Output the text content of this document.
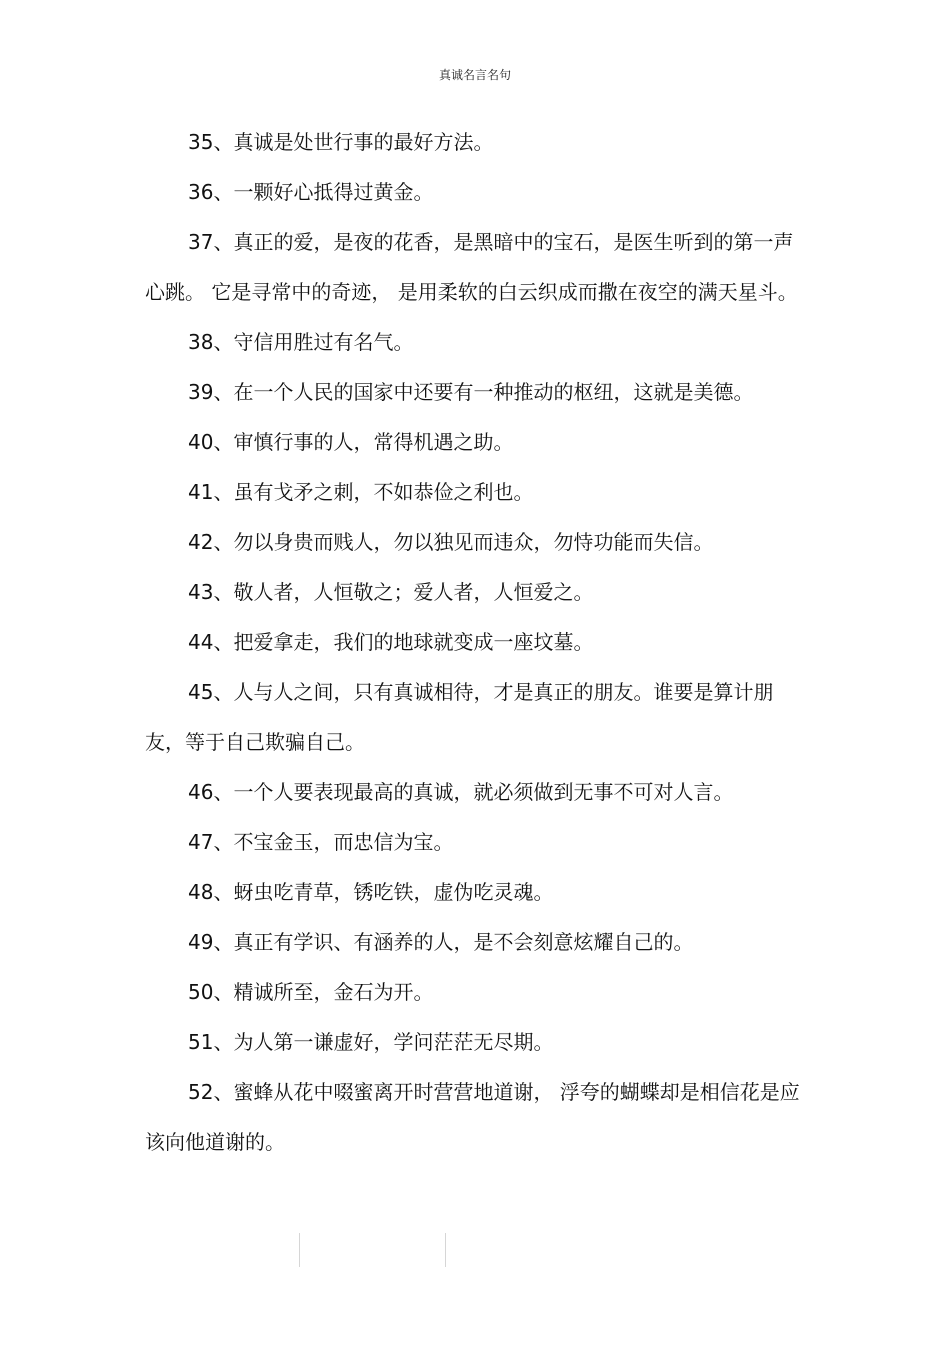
真诚名言名句
35、真诚是处世行事的最好方法。
36、一颗好心抵得过黄金。
37、真正的爱，是夜的花香，是黑暗中的宝石，是医生听到的第一声心跳。 它是寻常中的奇迹， 是用柔软的白云织成而撒在夜空的满天星斗。
38、守信用胜过有名气。
39、在一个人民的国家中还要有一种推动的枢纽，这就是美德。
40、审慎行事的人，常得机遇之助。
41、虽有戈矛之刺，不如恭俭之利也。
42、勿以身贵而贱人，勿以独见而违众，勿恃功能而失信。
43、敬人者，人恒敬之；爱人者，人恒爱之。
44、把爱拿走，我们的地球就变成一座坟墓。
45、人与人之间，只有真诚相待，才是真正的朋友。谁要是算计朋友，等于自己欺骗自己。
46、一个人要表现最高的真诚，就必须做到无事不可对人言。
47、不宝金玉，而忠信为宝。
48、蚜虫吃青草，锈吃铁，虚伪吃灵魂。
49、真正有学识、有涵养的人，是不会刻意炫耀自己的。
50、精诚所至，金石为开。
51、为人第一谦虚好，学问茫茫无尽期。
52、蜜蜂从花中啜蜜离开时营营地道谢， 浮夸的蝴蝶却是相信花是应该向他道谢的。
